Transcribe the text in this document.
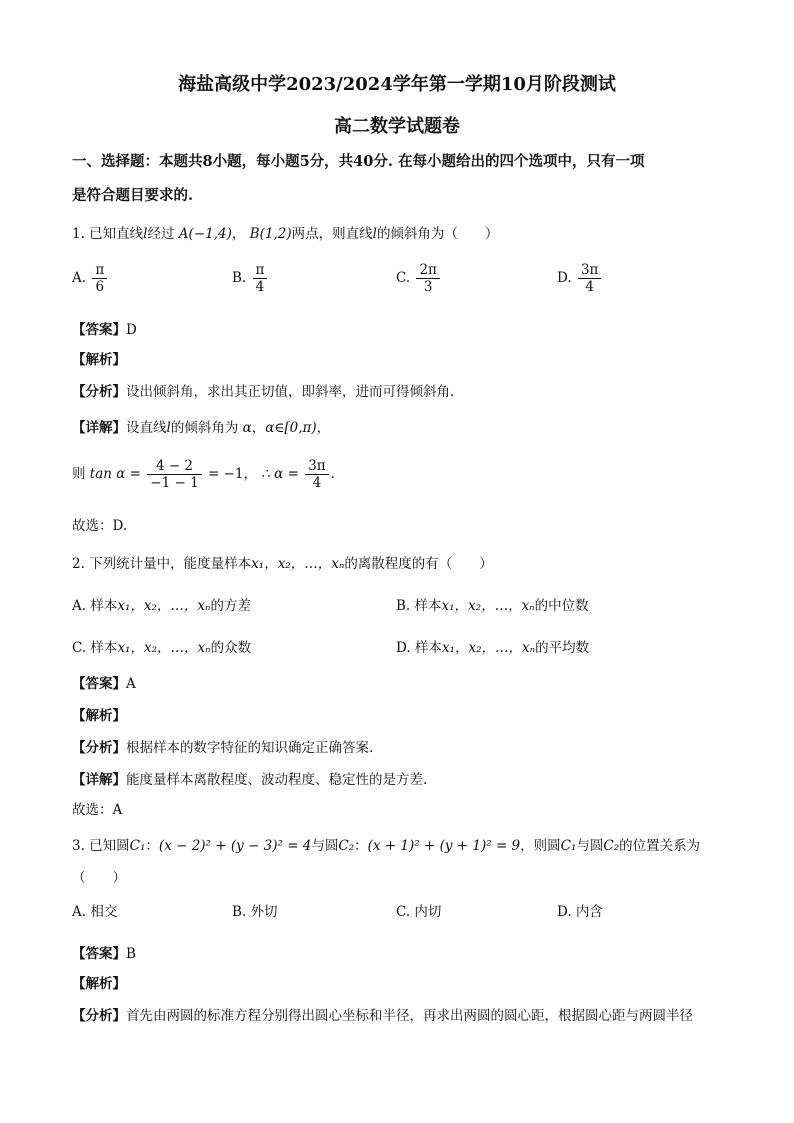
海盐高级中学2023/2024学年第一学期10月阶段测试
高二数学试题卷
一、选择题：本题共8小题，每小题5分，共40分. 在每小题给出的四个选项中，只有一项
是符合题目要求的.
1. 已知直线l经过 A(−1,4)， B(1,2)两点，则直线l的倾斜角为（　　）
A. $\frac{\pi}{6}$	B. $\frac{\pi}{4}$	C. $\frac{2\pi}{3}$	D. $\frac{3\pi}{4}$
【答案】D
【解析】
【分析】设出倾斜角，求出其正切值，即斜率，进而可得倾斜角.
【详解】设直线l的倾斜角为 α，α∈[0,π)，
则 $\tan \alpha = \frac{4 - 2}{-1 - 1} = -1$， ∴ $\alpha = \frac{3\pi}{4}$ .
故选：D.
2. 下列统计量中，能度量样本x₁，x₂，…，xₙ的离散程度的有（　　）
A. 样本x₁，x₂，…，xₙ的方差	B. 样本x₁，x₂，…，xₙ的中位数
C. 样本x₁，x₂，…，xₙ的众数	D. 样本x₁，x₂，…，xₙ的平均数
【答案】A
【解析】
【分析】根据样本的数字特征的知识确定正确答案.
【详解】能度量样本离散程度、波动程度、稳定性的是方差.
故选：A
3. 已知圆C₁：(x − 2)² + (y − 3)² = 4与圆C₂：(x + 1)² + (y + 1)² = 9，则圆C₁与圆C₂的位置关系为
（　　）
A. 相交	B. 外切	C. 内切	D. 内含
【答案】B
【解析】
【分析】首先由两圆的标准方程分别得出圆心坐标和半径，再求出两圆的圆心距，根据圆心距与两圆半径
